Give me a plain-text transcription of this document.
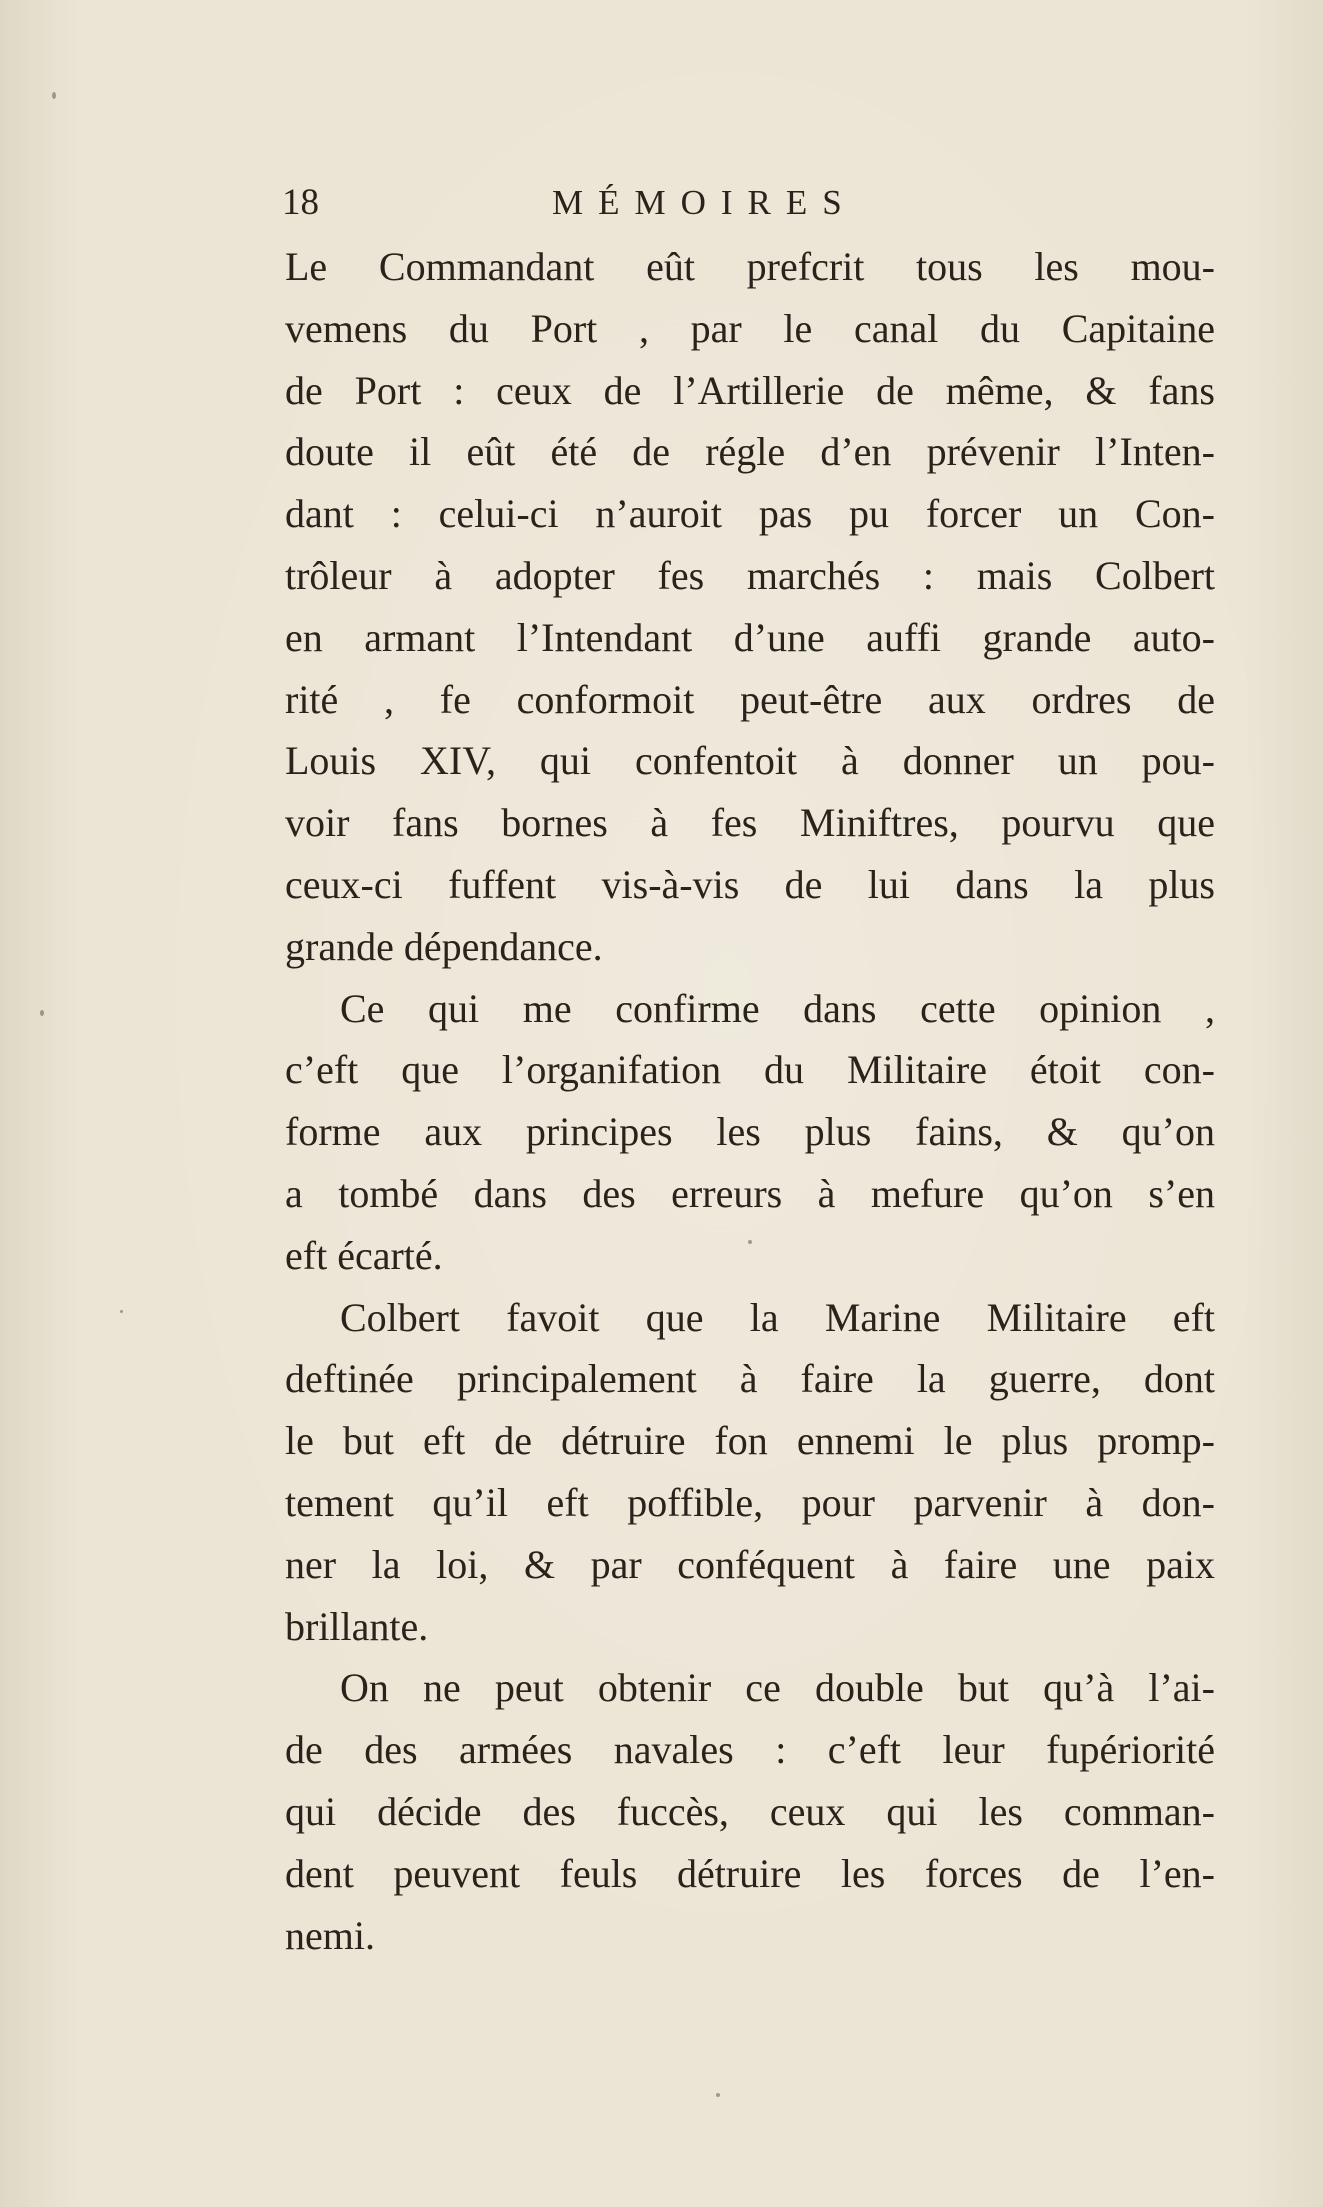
18	MÉMOIRES
Le Commandant eût prefcrit tous les mou-
vemens du Port , par le canal du Capitaine
de Port : ceux de l’Artillerie de même, & fans
doute il eût été de régle d’en prévenir l’Inten-
dant : celui-ci n’auroit pas pu forcer un Con-
trôleur à adopter fes marchés : mais Colbert
en armant l’Intendant d’une auffi grande auto-
rité , fe conformoit peut-être aux ordres de
Louis XIV, qui confentoit à donner un pou-
voir fans bornes à fes Miniftres, pourvu que
ceux-ci fuffent vis-à-vis de lui dans la plus
grande dépendance.
Ce qui me confirme dans cette opinion ,
c’eft que l’organifation du Militaire étoit con-
forme aux principes les plus fains, & qu’on
a tombé dans des erreurs à mefure qu’on s’en
eft écarté.
Colbert favoit que la Marine Militaire eft
deftinée principalement à faire la guerre, dont
le but eft de détruire fon ennemi le plus promp-
tement qu’il eft poffible, pour parvenir à don-
ner la loi, & par conféquent à faire une paix
brillante.
On ne peut obtenir ce double but qu’à l’ai-
de des armées navales : c’eft leur fupériorité
qui décide des fuccès, ceux qui les comman-
dent peuvent feuls détruire les forces de l’en-
nemi.
